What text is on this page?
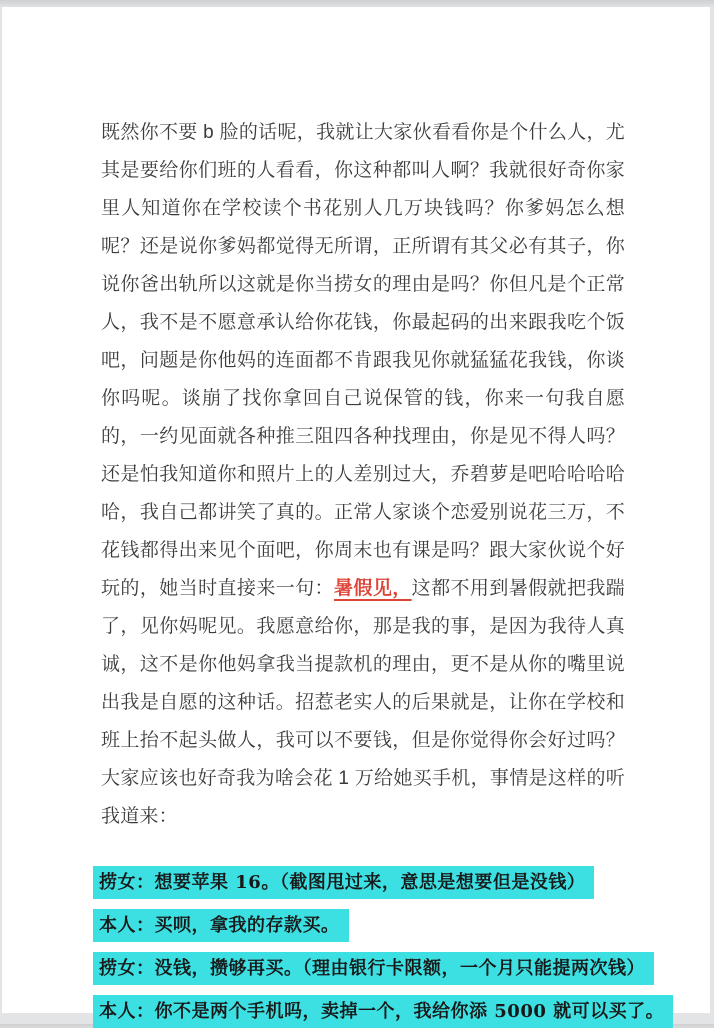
既然你不要 b 脸的话呢，我就让大家伙看看你是个什么人，尤其是要给你们班的人看看，你这种都叫人啊？我就很好奇你家里人知道你在学校读个书花别人几万块钱吗？你爹妈怎么想呢？还是说你爹妈都觉得无所谓，正所谓有其父必有其子，你说你爸出轨所以这就是你当捞女的理由是吗？你但凡是个正常人，我不是不愿意承认给你花钱，你最起码的出来跟我吃个饭吧，问题是你他妈的连面都不肯跟我见你就猛猛花我钱，你谈你吗呢。谈崩了找你拿回自己说保管的钱，你来一句我自愿的，一约见面就各种推三阻四各种找理由，你是见不得人吗？还是怕我知道你和照片上的人差别过大，乔碧萝是吧哈哈哈哈哈，我自己都讲笑了真的。正常人家谈个恋爱别说花三万，不花钱都得出来见个面吧，你周末也有课是吗？跟大家伙说个好玩的，她当时直接来一句：暑假见，这都不用到暑假就把我踹了，见你妈呢见。我愿意给你，那是我的事，是因为我待人真诚，这不是你他妈拿我当提款机的理由，更不是从你的嘴里说出我是自愿的这种话。招惹老实人的后果就是，让你在学校和班上抬不起头做人，我可以不要钱，但是你觉得你会好过吗？大家应该也好奇我为啥会花 1 万给她买手机，事情是这样的听我道来：

捞女：想要苹果 16。（截图甩过来，意思是想要但是没钱）
本人：买呗，拿我的存款买。
捞女：没钱，攒够再买。（理由银行卡限额，一个月只能提两次钱）
本人：你不是两个手机吗，卖掉一个，我给你添 5000 就可以买了。
